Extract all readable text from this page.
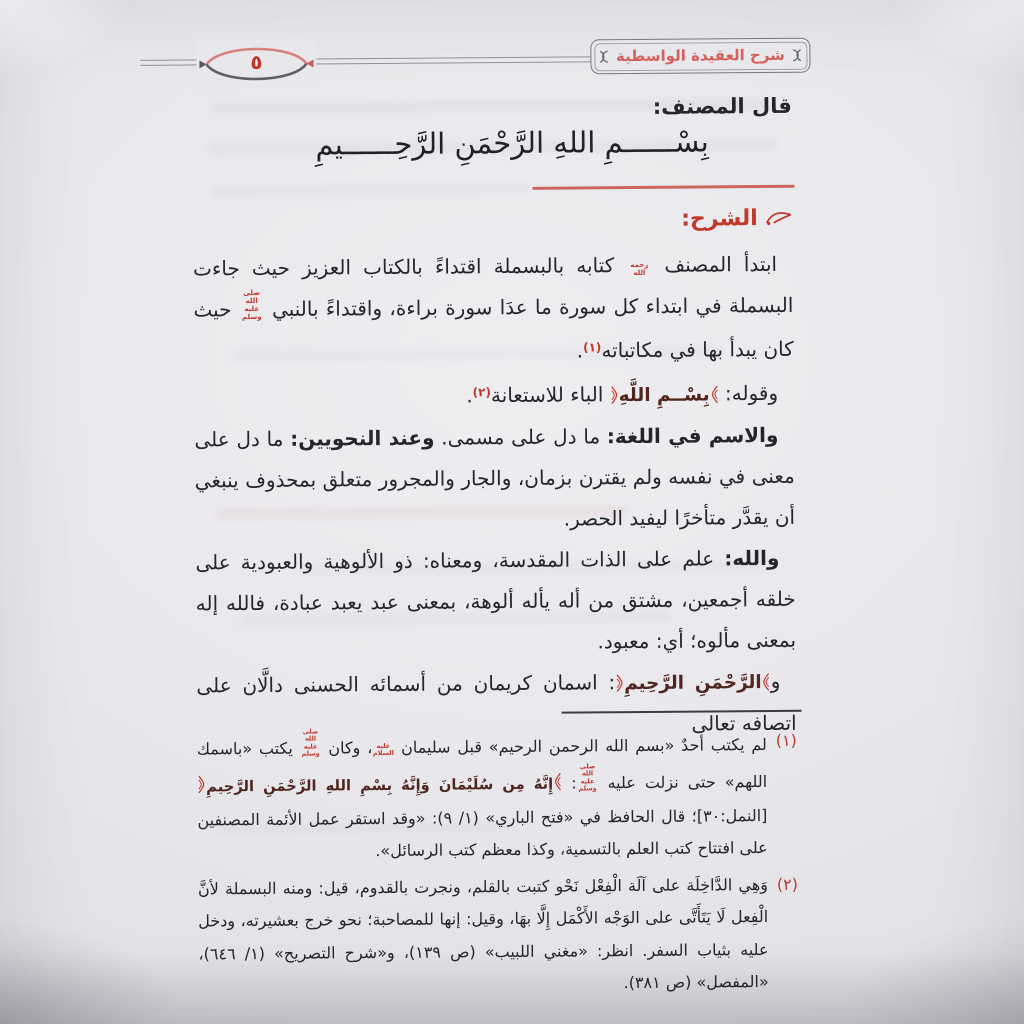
شرح العقيدة الواسطية
٥
قال المصنف:
بِسْــــــمِ اللهِ الرَّحْمَنِ الرَّحِــــــيمِ
الشرح:
ابتدأ المصنف رحمه الله كتابه بالبسملة اقتداءً بالكتاب العزيز حيث جاءت البسملة في ابتداء كل سورة ما عدَا سورة براءة، واقتداءً بالنبي صلى الله عليه وسلم حيث كان يبدأ بها في مكاتباته$^{(١)}$.
وقوله: بِسْــمِ اللَّهِ الباء للاستعانة$^{(٢)}$.
والاسم في اللغة: ما دل على مسمى. وعند النحويين: ما دل على معنى في نفسه ولم يقترن بزمان، والجار والمجرور متعلق بمحذوف ينبغي أن يقدَّر متأخرًا ليفيد الحصر.
والله: علم على الذات المقدسة، ومعناه: ذو الألوهية والعبودية على خلقه أجمعين، مشتق من أله يأله ألوهة، بمعنى عبد يعبد عبادة، فالله إله بمعنى مألوه؛ أي: معبود.
والرَّحْمَنِ الرَّحِيمِ: اسمان كريمان من أسمائه الحسنى دالَّان على اتصافه تعالى
(١)
لم يكتب أحدٌ «بسم الله الرحمن الرحيم» قبل سليمان عليه السلام، وكان صلى الله عليه وسلم يكتب «باسمك اللهم» حتى نزلت عليه صلى الله عليه وسلم: إِنَّهُ مِن سُلَيْمَانَ وَإِنَّهُ بِسْمِ اللهِ الرَّحْمَنِ الرَّحِيمِ [النمل:٣٠]؛ قال الحافظ في «فتح الباري» (١/ ٩): «وقد استقر عمل الأئمة المصنفين على افتتاح كتب العلم بالتسمية، وكذا معظم كتب الرسائل».
(٢)
وَهِي الدَّاخِلَة على آلَة الْفِعْل نَحْو كتبت بالقلم، ونجرت بالقدوم، قيل: ومنه البسملة لأنَّ الْفِعل لَا يَتَأَتَّى على الوَجْه الأَكْمَل إِلَّا بهَا، وقيل: إنها للمصاحبة؛ نحو خرج بعشيرته، ودخل عليه بثياب السفر. انظر: «مغني اللبيب» (ص ١٣٩)، و«شرح التصريح» (١/ ٦٤٦)، «المفصل» (ص ٣٨١).
